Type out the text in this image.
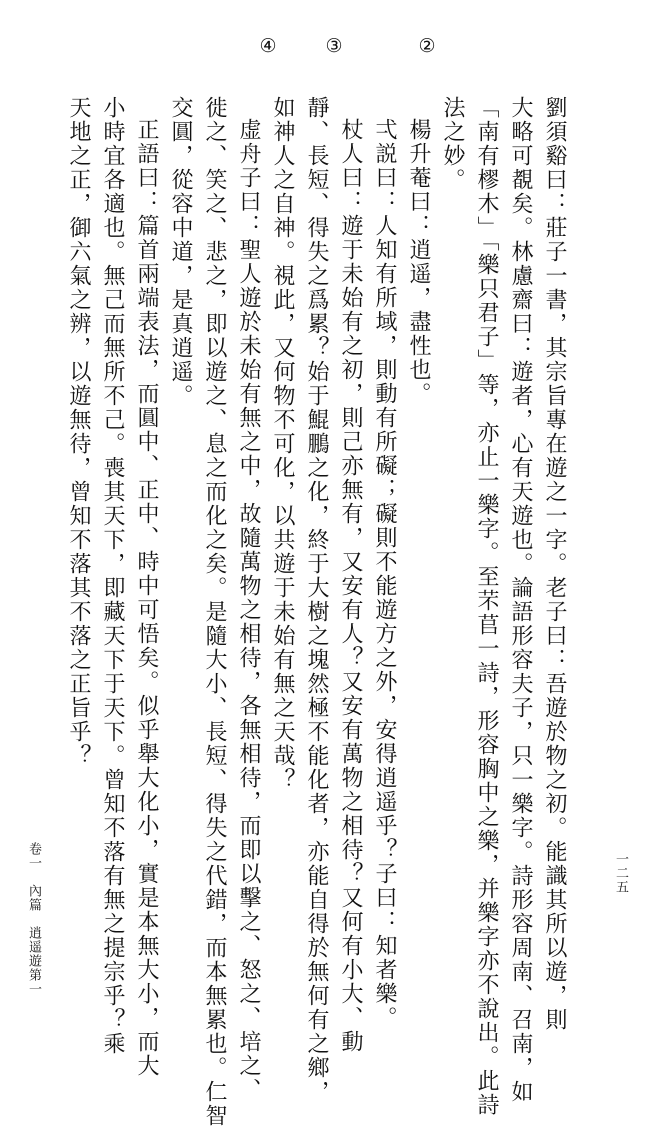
②
③
④
劉須谿曰：莊子一書，其宗旨專在遊之一字。老子曰：吾遊於物之初。能識其所以遊，則
大略可覩矣。林慮齋曰：遊者，心有天遊也。論語形容夫子，只一樂字。詩形容周南、召南，如
「南有樛木」「樂只君子」等，亦止一樂字。至芣苢一詩，形容胸中之樂，并樂字亦不說出。此詩
法之妙。
楊升菴曰：逍遥，盡性也。
弌説曰：人知有所域，則動有所礙；礙則不能遊方之外，安得逍遥乎？子曰：知者樂。
杖人曰：遊于未始有之初，則己亦無有，又安有人？又安有萬物之相待？又何有小大、動
靜、長短、得失之爲累？始于鯤鵬之化，終于大樹之塊然極不能化者，亦能自得於無何有之鄉，
如神人之自神。視此，又何物不可化，以共遊于未始有無之天哉？
虚舟子曰：聖人遊於未始有無之中，故隨萬物之相待，各無相待，而即以擊之、怒之、培之、
徙之、笑之、悲之，即以遊之、息之而化之矣。是隨大小、長短、得失之代錯，而本無累也。仁智
交圓，從容中道，是真逍遥。
正語曰：篇首兩端表法，而圓中、正中、時中可悟矣。似乎舉大化小，實是本無大小，而大
小時宜各適也。無己而無所不己。喪其天下，即藏天下于天下。曾知不落有無之提宗乎？乘
天地之正，御六氣之辨，以遊無待，曾知不落其不落之正旨乎？
卷一　內篇　逍遥遊第一	一二五
